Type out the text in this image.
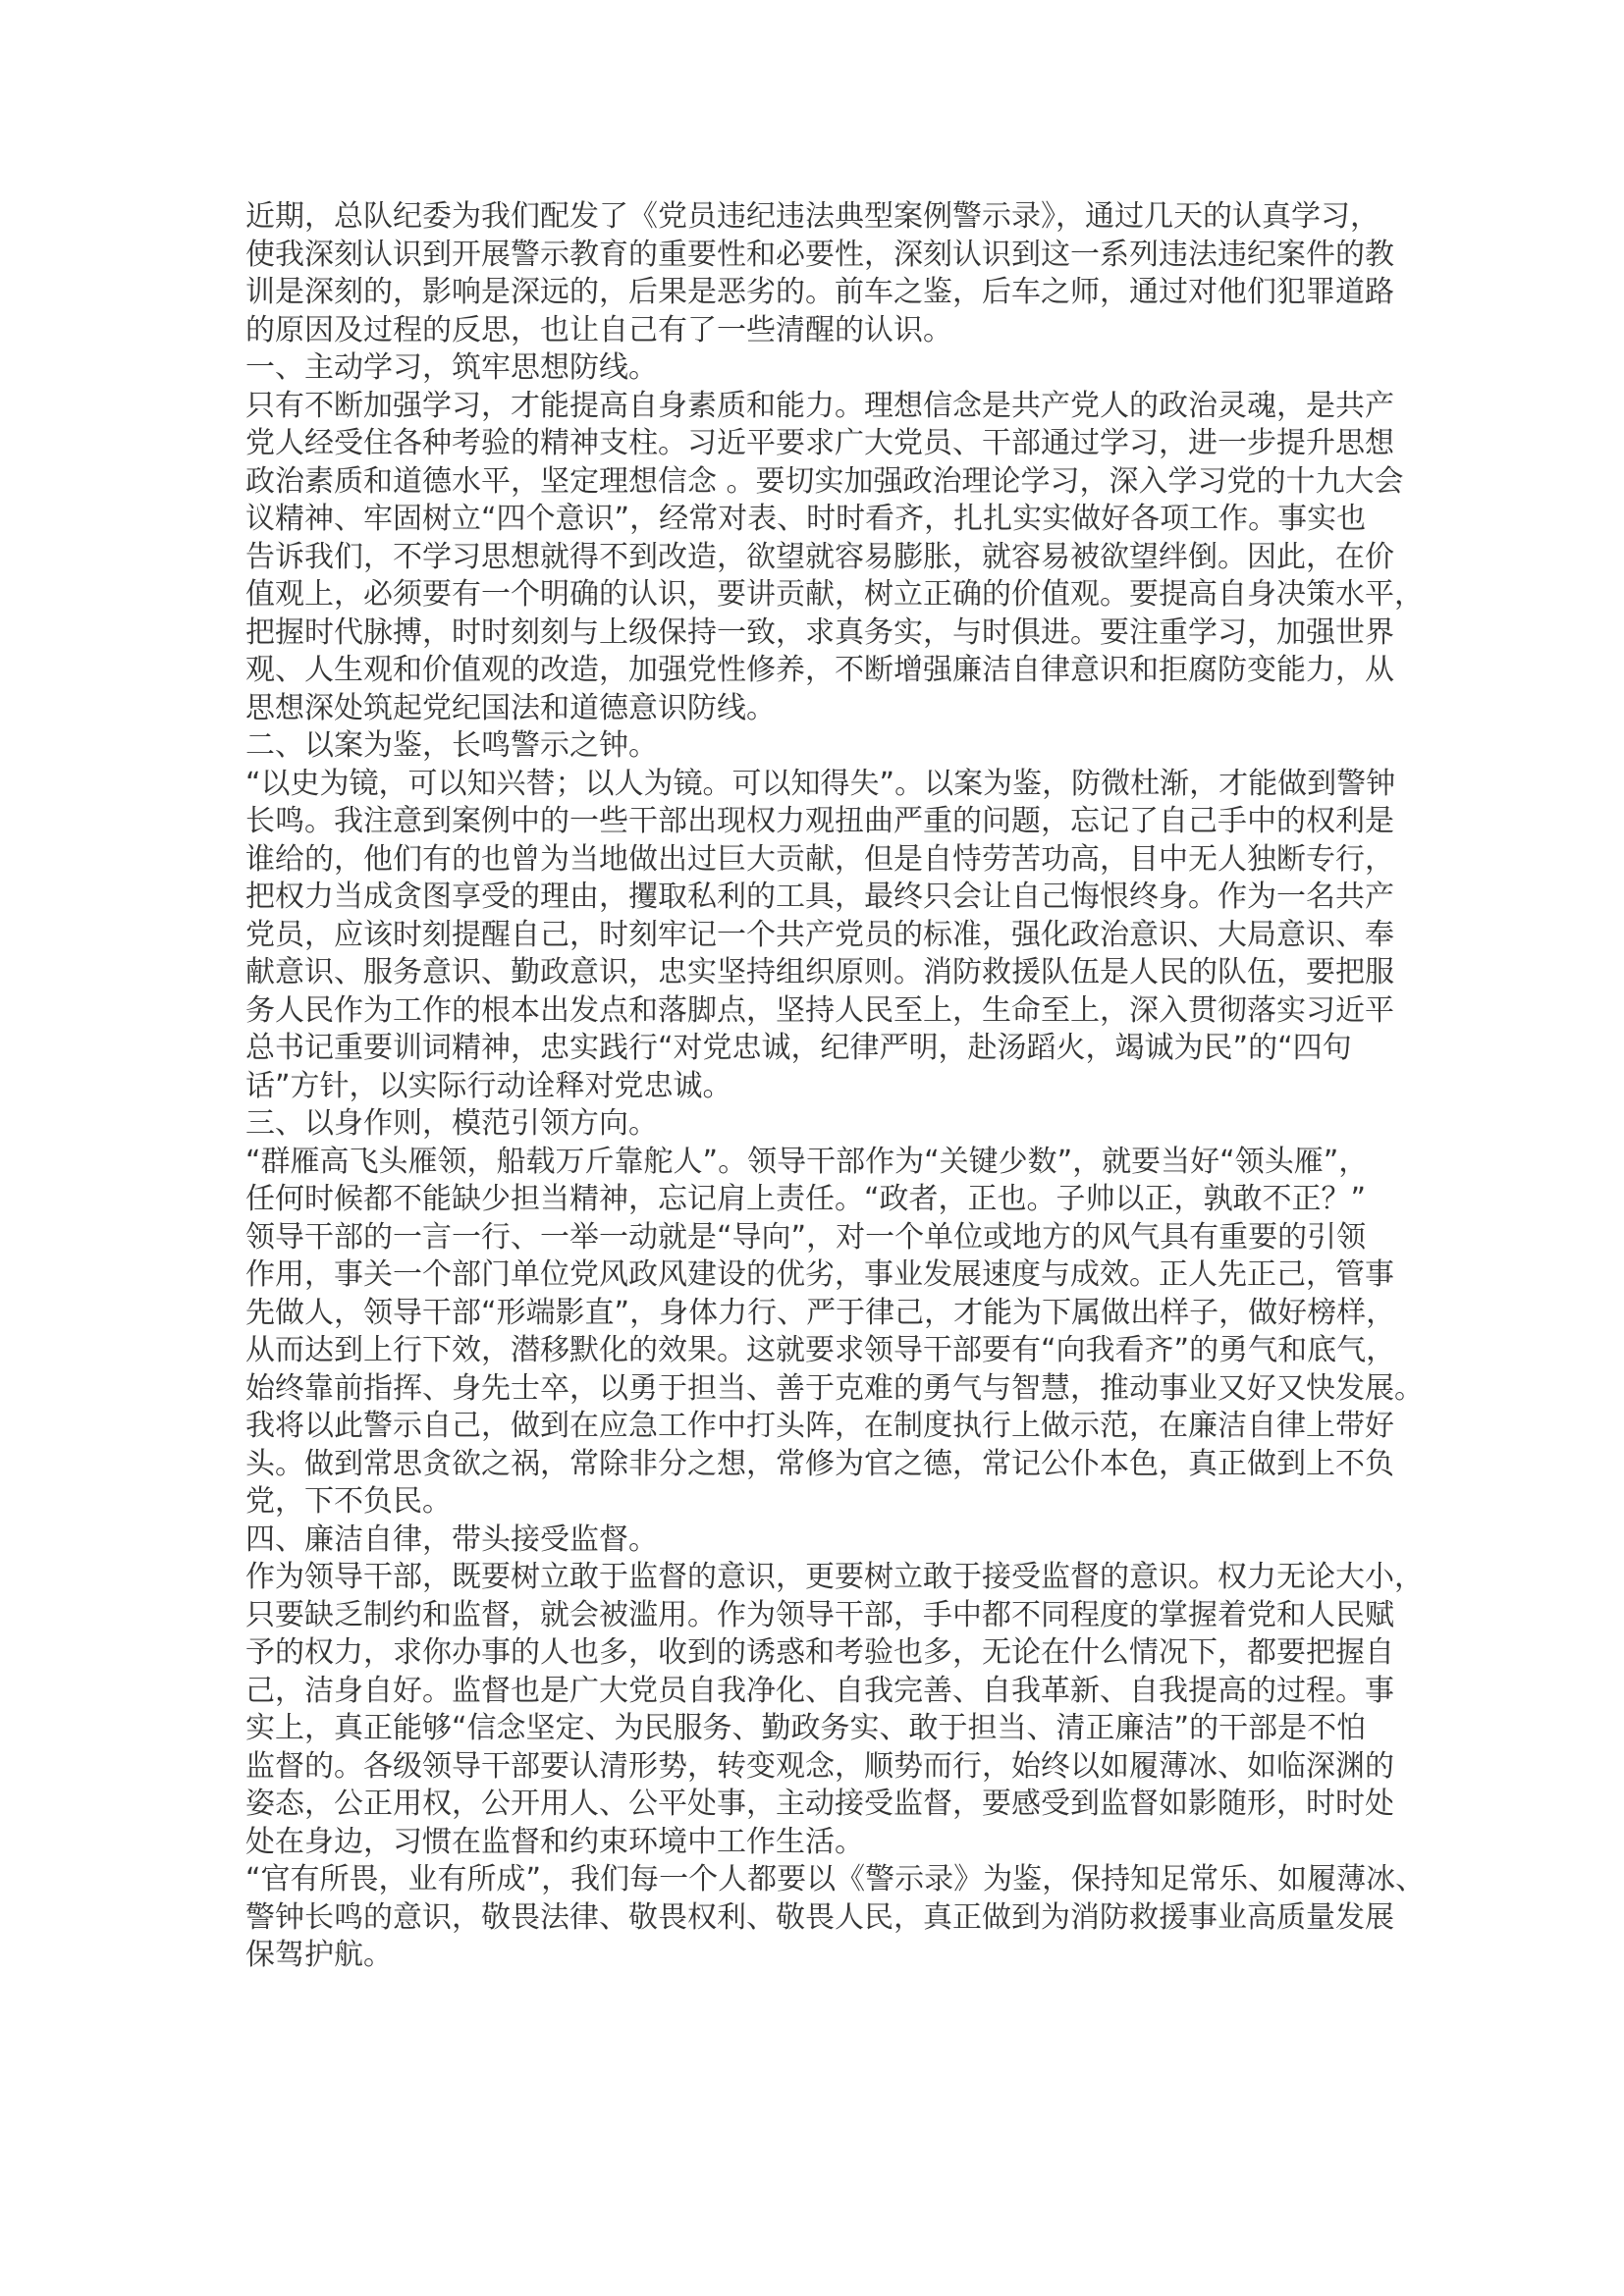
近期，总队纪委为我们配发了《党员违纪违法典型案例警示录》，通过几天的认真学习，
使我深刻认识到开展警示教育的重要性和必要性，深刻认识到这一系列违法违纪案件的教
训是深刻的，影响是深远的，后果是恶劣的。前车之鉴，后车之师，通过对他们犯罪道路
的原因及过程的反思，也让自己有了一些清醒的认识。
一、主动学习，筑牢思想防线。
只有不断加强学习，才能提高自身素质和能力。理想信念是共产党人的政治灵魂，是共产
党人经受住各种考验的精神支柱。习近平要求广大党员、干部通过学习，进一步提升思想
政治素质和道德水平，坚定理想信念 。要切实加强政治理论学习，深入学习党的十九大会
议精神、牢固树立“四个意识”，经常对表、时时看齐，扎扎实实做好各项工作。事实也
告诉我们，不学习思想就得不到改造，欲望就容易膨胀，就容易被欲望绊倒。因此，在价
值观上，必须要有一个明确的认识，要讲贡献，树立正确的价值观。要提高自身决策水平，
把握时代脉搏，时时刻刻与上级保持一致，求真务实，与时俱进。要注重学习，加强世界
观、人生观和价值观的改造，加强党性修养，不断增强廉洁自律意识和拒腐防变能力，从
思想深处筑起党纪国法和道德意识防线。
二、以案为鉴，长鸣警示之钟。
“以史为镜，可以知兴替；以人为镜。可以知得失”。以案为鉴，防微杜渐，才能做到警钟
长鸣。我注意到案例中的一些干部出现权力观扭曲严重的问题，忘记了自己手中的权利是
谁给的，他们有的也曾为当地做出过巨大贡献，但是自恃劳苦功高，目中无人独断专行，
把权力当成贪图享受的理由，攫取私利的工具，最终只会让自己悔恨终身。作为一名共产
党员，应该时刻提醒自己，时刻牢记一个共产党员的标准，强化政治意识、大局意识、奉
献意识、服务意识、勤政意识，忠实坚持组织原则。消防救援队伍是人民的队伍，要把服
务人民作为工作的根本出发点和落脚点，坚持人民至上，生命至上，深入贯彻落实习近平
总书记重要训词精神，忠实践行“对党忠诚，纪律严明，赴汤蹈火，竭诚为民”的“四句
话”方针，以实际行动诠释对党忠诚。
三、以身作则，模范引领方向。
“群雁高飞头雁领，船载万斤靠舵人”。领导干部作为“关键少数”，就要当好“领头雁”，
任何时候都不能缺少担当精神，忘记肩上责任。“政者，正也。子帅以正，孰敢不正？”
领导干部的一言一行、一举一动就是“导向”，对一个单位或地方的风气具有重要的引领
作用，事关一个部门单位党风政风建设的优劣，事业发展速度与成效。正人先正己，管事
先做人，领导干部“形端影直”，身体力行、严于律己，才能为下属做出样子，做好榜样，
从而达到上行下效，潜移默化的效果。这就要求领导干部要有“向我看齐”的勇气和底气，
始终靠前指挥、身先士卒，以勇于担当、善于克难的勇气与智慧，推动事业又好又快发展。
我将以此警示自己，做到在应急工作中打头阵，在制度执行上做示范，在廉洁自律上带好
头。做到常思贪欲之祸，常除非分之想，常修为官之德，常记公仆本色，真正做到上不负
党，下不负民。
四、廉洁自律，带头接受监督。
作为领导干部，既要树立敢于监督的意识，更要树立敢于接受监督的意识。权力无论大小，
只要缺乏制约和监督，就会被滥用。作为领导干部，手中都不同程度的掌握着党和人民赋
予的权力，求你办事的人也多，收到的诱惑和考验也多，无论在什么情况下，都要把握自
己，洁身自好。监督也是广大党员自我净化、自我完善、自我革新、自我提高的过程。事
实上，真正能够“信念坚定、为民服务、勤政务实、敢于担当、清正廉洁”的干部是不怕
监督的。各级领导干部要认清形势，转变观念，顺势而行，始终以如履薄冰、如临深渊的
姿态，公正用权，公开用人、公平处事，主动接受监督，要感受到监督如影随形，时时处
处在身边，习惯在监督和约束环境中工作生活。
“官有所畏，业有所成”，我们每一个人都要以《警示录》为鉴，保持知足常乐、如履薄冰、
警钟长鸣的意识，敬畏法律、敬畏权利、敬畏人民，真正做到为消防救援事业高质量发展
保驾护航。
